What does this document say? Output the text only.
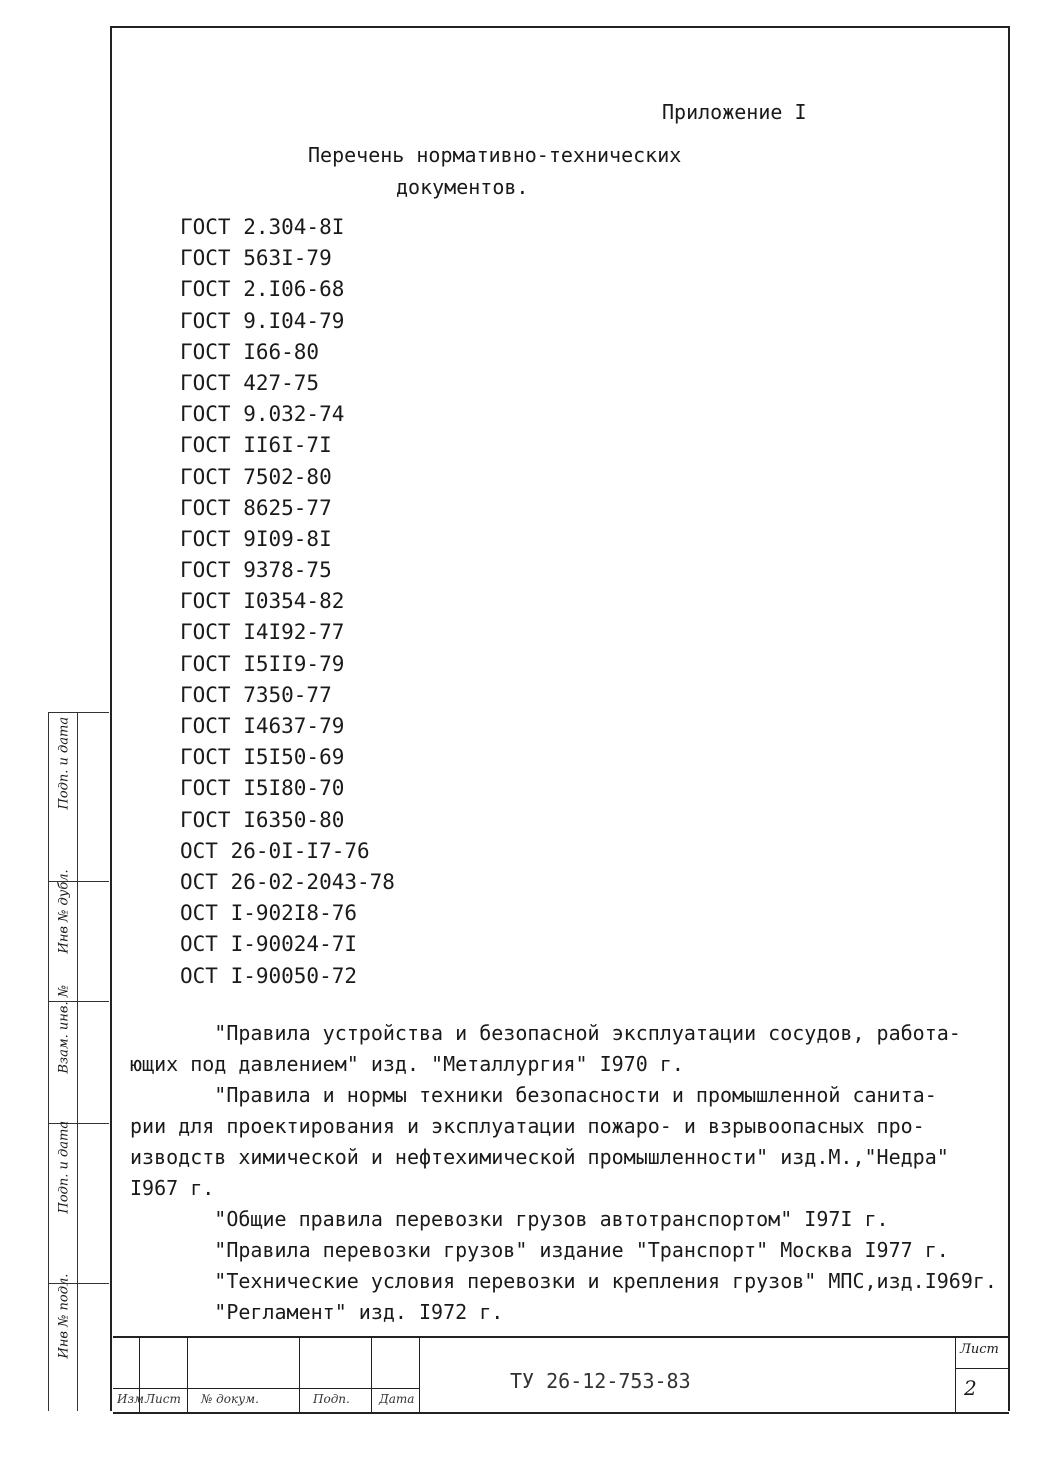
Приложение I
Перечень нормативно-технических
документов.
ГОСТ 2.304-8I
ГОСТ 563I-79
ГОСТ 2.I06-68
ГОСТ 9.I04-79
ГОСТ I66-80
ГОСТ 427-75
ГОСТ 9.032-74
ГОСТ II6I-7I
ГОСТ 7502-80
ГОСТ 8625-77
ГОСТ 9I09-8I
ГОСТ 9378-75
ГОСТ I0354-82
ГОСТ I4I92-77
ГОСТ I5II9-79
ГОСТ 7350-77
ГОСТ I4637-79
ГОСТ I5I50-69
ГОСТ I5I80-70
ГОСТ I6350-80
ОСТ 26-0I-I7-76
ОСТ 26-02-2043-78
ОСТ I-902I8-76
ОСТ I-90024-7I
ОСТ I-90050-72

"Правила устройства и безопасной эксплуатации сосудов, работа-

ющих под давлением" изд. "Металлургия" I970 г.

"Правила и нормы техники безопасности и промышленной санита-

рии для проектирования и эксплуатации пожаро- и взрывоопасных про-

изводств химической и нефтехимической промышленности" изд.М.,"Недра"

I967 г.

"Общие правила перевозки грузов автотранспортом" I97I г.

"Правила перевозки грузов" издание "Транспорт" Москва I977 г.

"Технические условия перевозки и крепления грузов" МПС,изд.I969г.

"Регламент" изд. I972 г.

Подп. и дата
Инв № дубл.
Взам. инв. №
Подп. и дата
Инв № подл.
Изм Лист № докум.	Подп. Дата
ТУ 26-12-753-83
Лист
2
